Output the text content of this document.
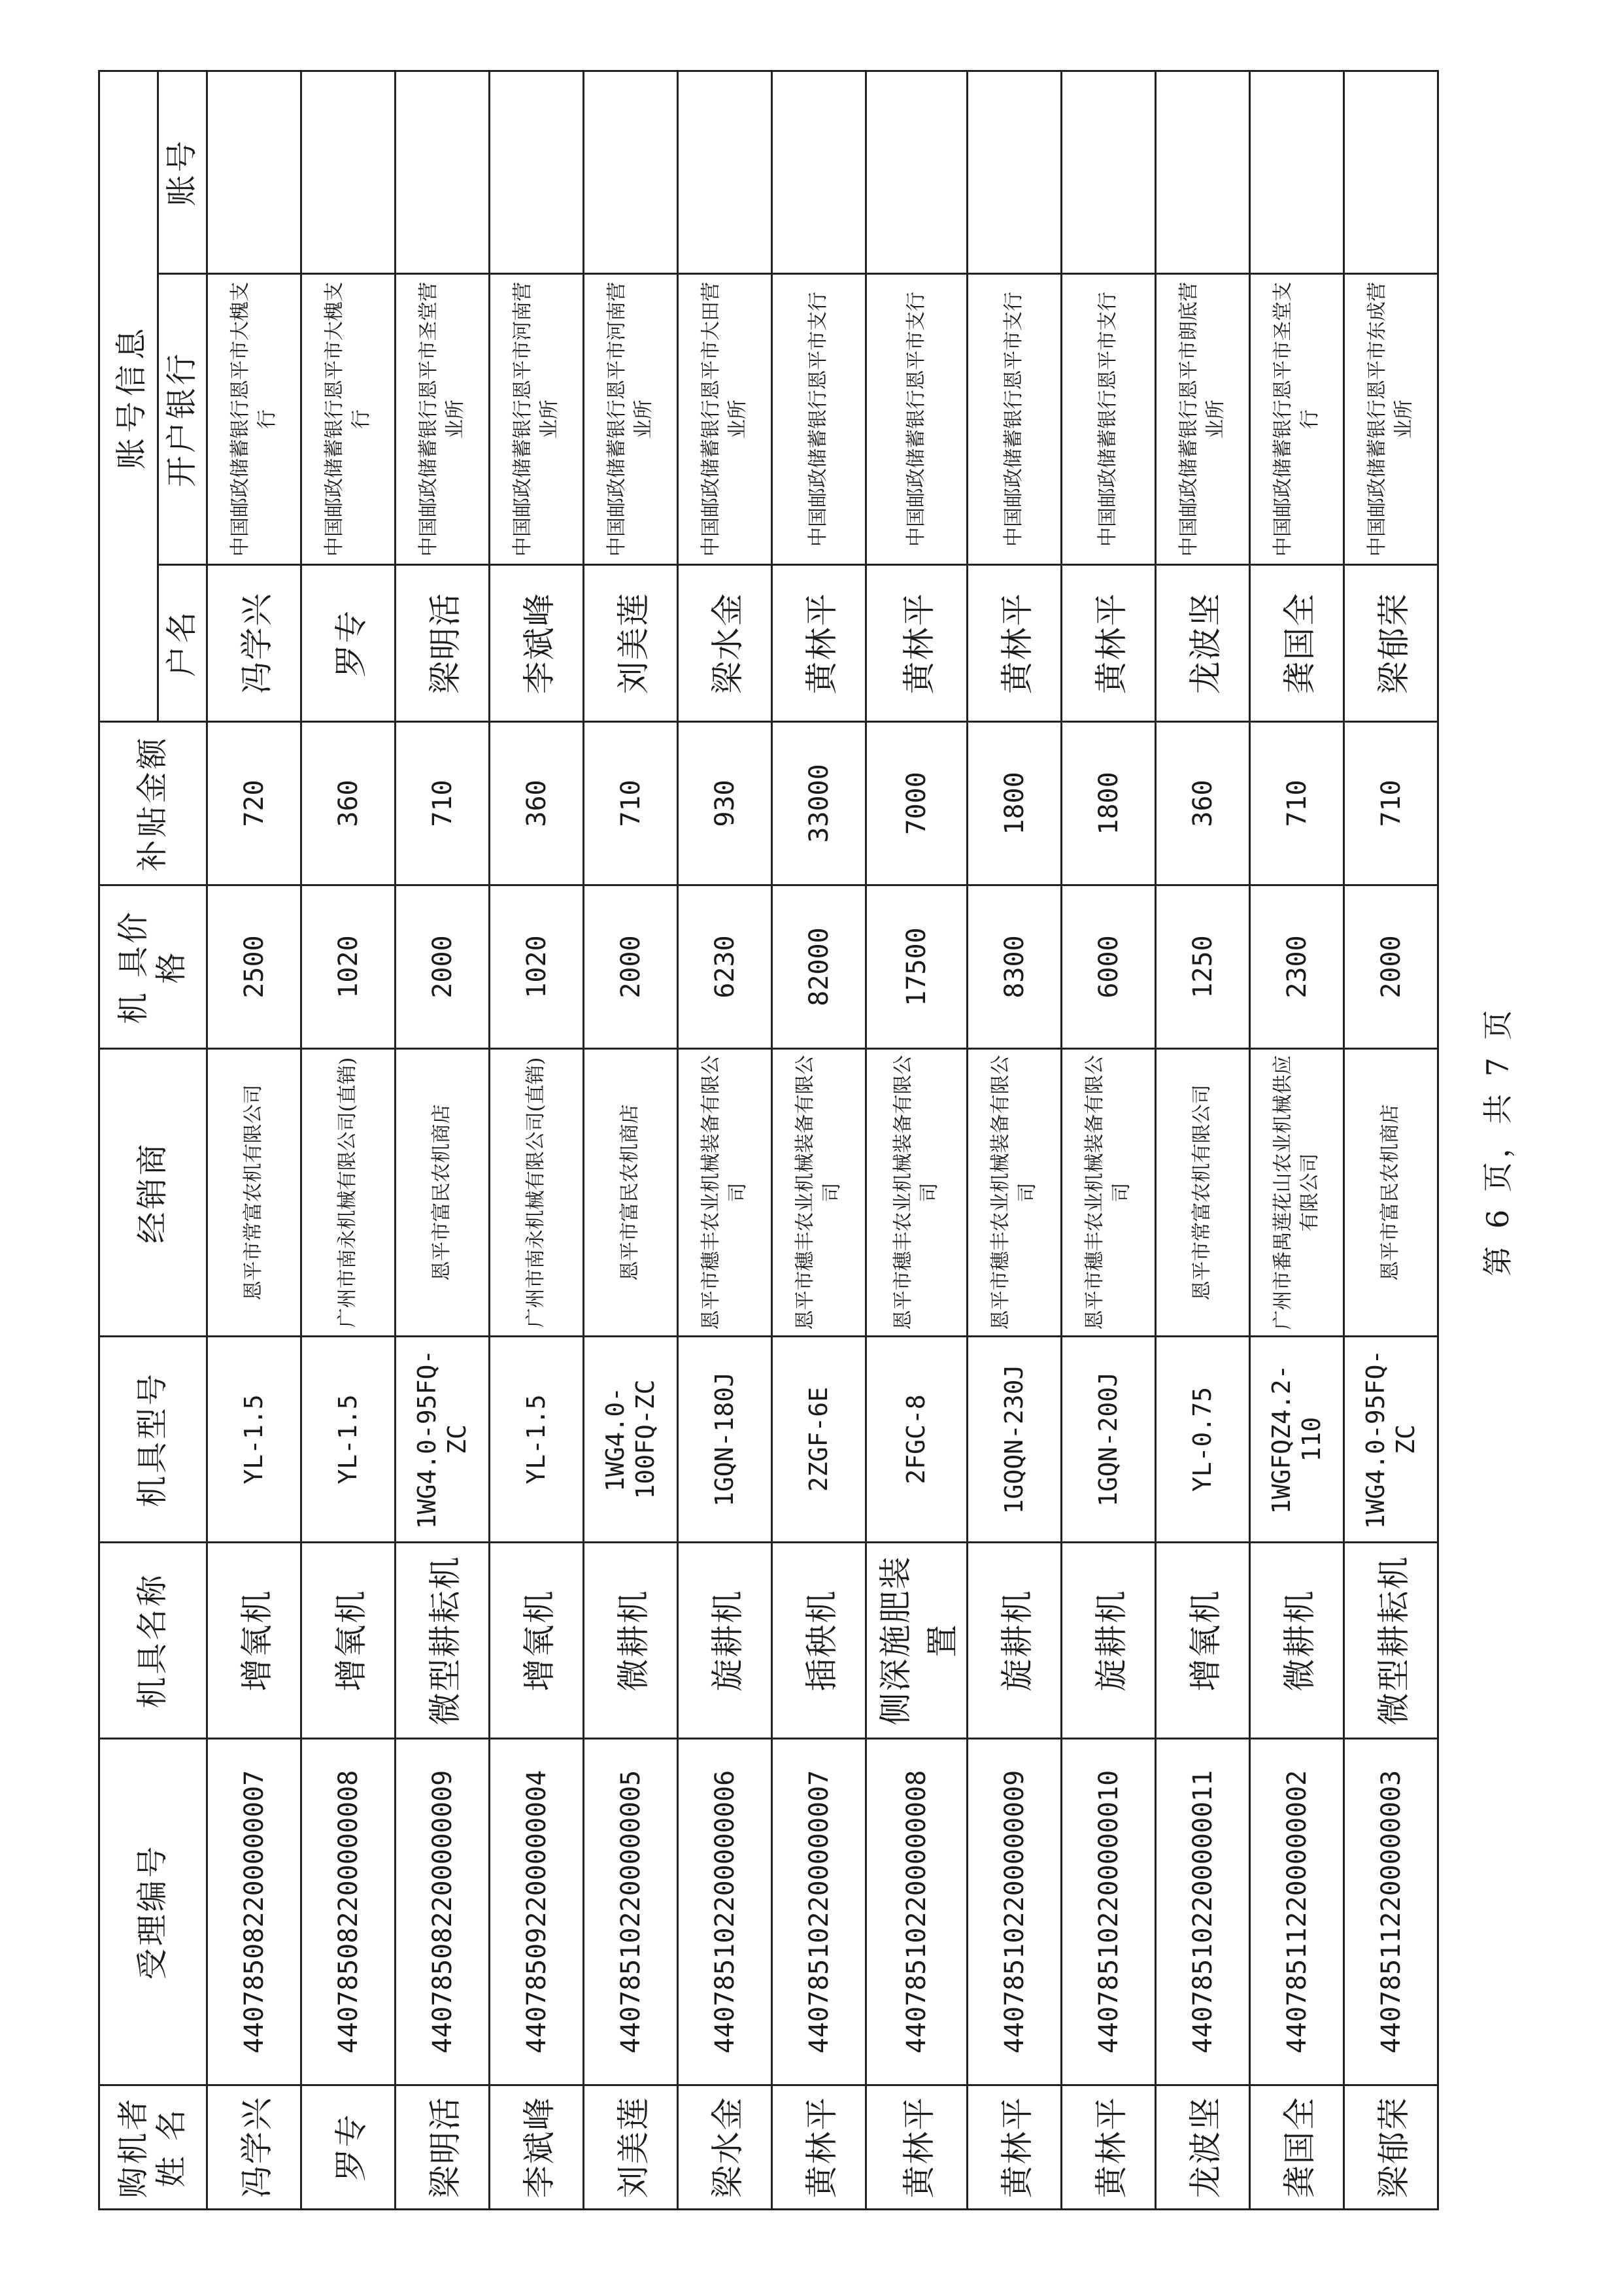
购机者姓 名	受理编号	机具名称	机具型号	经销商	机 具价 格	补贴金额	账号信息		
							户名	开户银行	账号
冯学兴	440785082200000007	增氧机	YL-1.5	恩平市常富农机有限公司	2500	720	冯学兴	中国邮政储蓄银行恩平市大槐支行	
罗专	440785082200000008	增氧机	YL-1.5	广州市南永机械有限公司(直销)	1020	360	罗专	中国邮政储蓄银行恩平市大槐支行	
梁明活	440785082200000009	微型耕耘机	1WG4.0-95FQ-ZC	恩平市富民农机商店	2000	710	梁明活	中国邮政储蓄银行恩平市圣堂营业所	
李斌峰	440785092200000004	增氧机	YL-1.5	广州市南永机械有限公司(直销)	1020	360	李斌峰	中国邮政储蓄银行恩平市河南营业所	
刘美莲	440785102200000005	微耕机	1WG4.0-100FQ-ZC	恩平市富民农机商店	2000	710	刘美莲	中国邮政储蓄银行恩平市河南营业所	
梁水金	440785102200000006	旋耕机	1GQN-180J	恩平市穗丰农业机械装备有限公司	6230	930	梁水金	中国邮政储蓄银行恩平市大田营业所	
黄林平	440785102200000007	插秧机	2ZGF-6E	恩平市穗丰农业机械装备有限公司	82000	33000	黄林平	中国邮政储蓄银行恩平市支行	
黄林平	440785102200000008	侧深施肥装置	2FGC-8	恩平市穗丰农业机械装备有限公司	17500	7000	黄林平	中国邮政储蓄银行恩平市支行	
黄林平	440785102200000009	旋耕机	1GQQN-230J	恩平市穗丰农业机械装备有限公司	8300	1800	黄林平	中国邮政储蓄银行恩平市支行	
黄林平	440785102200000010	旋耕机	1GQN-200J	恩平市穗丰农业机械装备有限公司	6000	1800	黄林平	中国邮政储蓄银行恩平市支行	
龙波坚	440785102200000011	增氧机	YL-0.75	恩平市常富农机有限公司	1250	360	龙波坚	中国邮政储蓄银行恩平市朗底营业所	
龚国全	440785112200000002	微耕机	1WGFQZ4.2-110	广州市番禺莲花山农业机械供应有限公司	2300	710	龚国全	中国邮政储蓄银行恩平市圣堂支行	
梁郁荣	440785112200000003	微型耕耘机	1WG4.0-95FQ-ZC	恩平市富民农机商店	2000	710	梁郁荣	中国邮政储蓄银行恩平市东成营业所	
第 6 页，共 7 页
